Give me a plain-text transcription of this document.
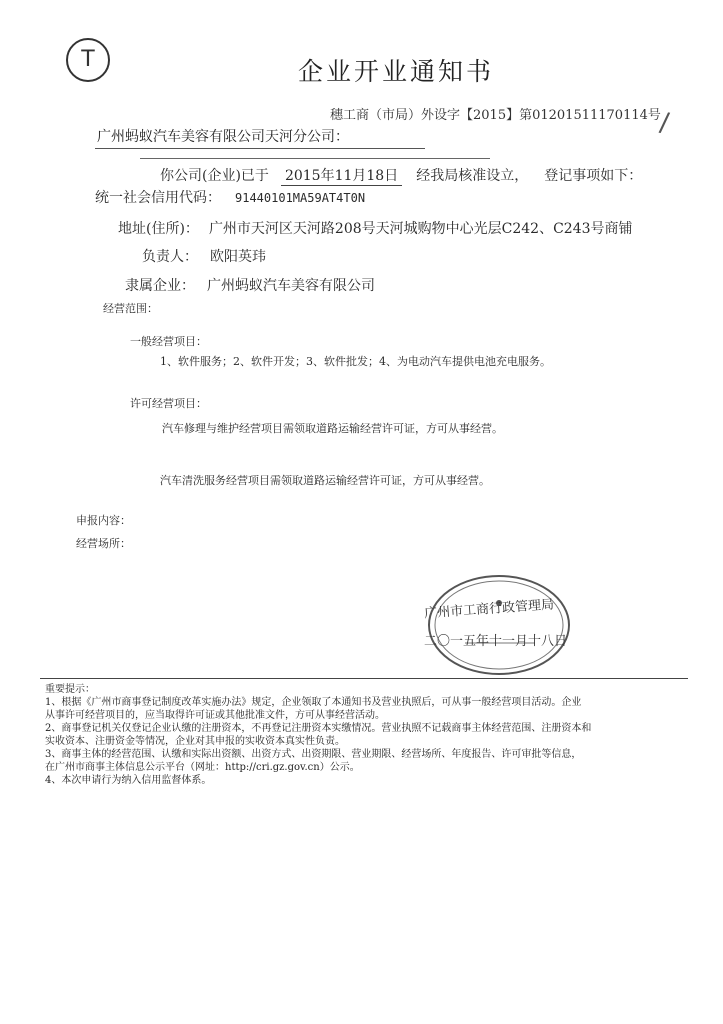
T	企业开业通知书
穗工商（市局）外设字【2015】第01201511170114号
/
广州蚂蚁汽车美容有限公司天河分公司：
你公司(企业)已于 2015年11月18日 经我局核准设立， 登记事项如下：
统一社会信用代码： 91440101MA59AT4T0N
地址(住所)： 广州市天河区天河路208号天河城购物中心光层C242、C243号商铺
负责人： 欧阳英玮
隶属企业： 广州蚂蚁汽车美容有限公司
经营范围：
一般经营项目：
1、软件服务；2、软件开发；3、软件批发；4、为电动汽车提供电池充电服务。
许可经营项目：
汽车修理与维护经营项目需领取道路运输经营许可证，方可从事经营。
汽车清洗服务经营项目需领取道路运输经营许可证，方可从事经营。
申报内容：
经营场所：
广州市工商行政管理局
二〇一五年十一月十八日
重要提示：
1、根据《广州市商事登记制度改革实施办法》规定，企业领取了本通知书及营业执照后，可从事一般经营项目活动。企业
从事许可经营项目的，应当取得许可证或其他批准文件，方可从事经营活动。
2、商事登记机关仅登记企业认缴的注册资本，不再登记注册资本实缴情况。营业执照不记载商事主体经营范围、注册资本和
实收资本、注册资金等情况，企业对其申报的实收资本真实性负责。
3、商事主体的经营范围、认缴和实际出资额、出资方式、出资期限、营业期限、经营场所、年度报告、许可审批等信息，
在广州市商事主体信息公示平台（网址：http://cri.gz.gov.cn）公示。
4、本次申请行为纳入信用监督体系。
